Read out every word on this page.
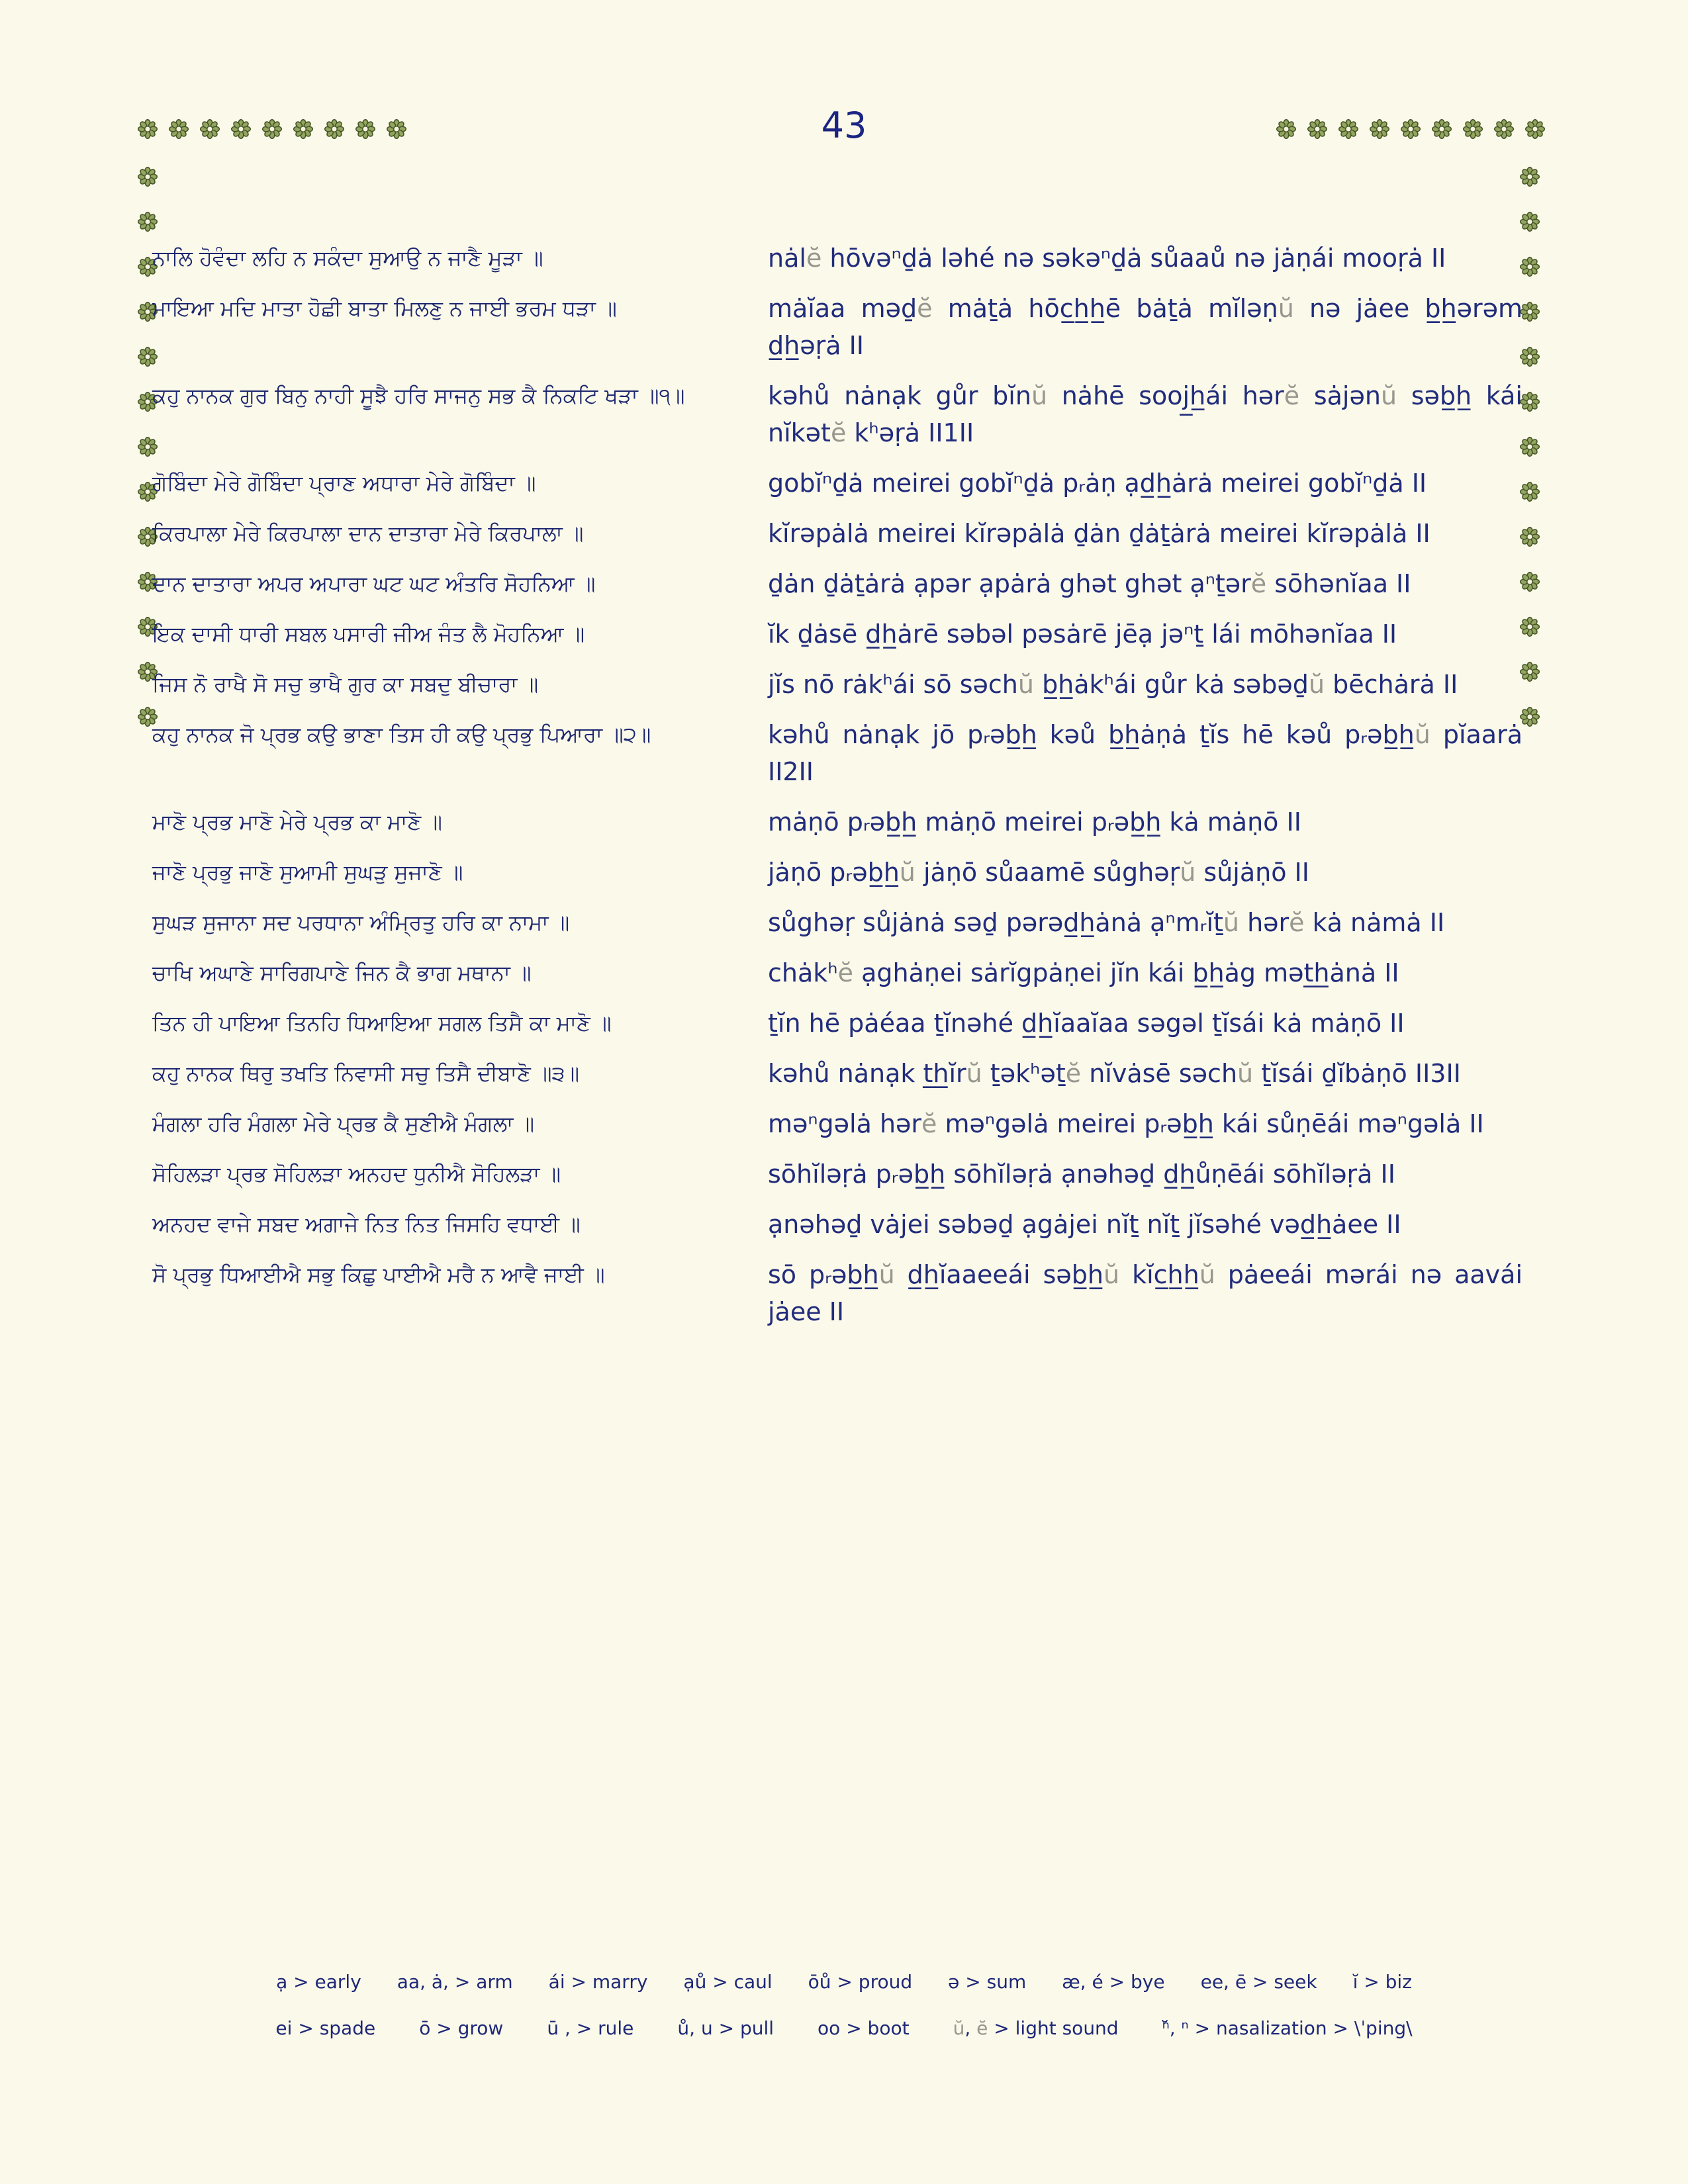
43
ਨਾਲਿ ਹੋਵੰਦਾ ਲਹਿ ਨ ਸਕੰਦਾ ਸੁਆਉ ਨ ਜਾਣੈ ਮੂੜਾ ॥	nȧlĕ hōvəⁿḏȧ ləhé nə səkəⁿḏȧ sůaaů nə jȧṇái mooṛȧ II
ਮਾਇਆ ਮਦਿ ਮਾਤਾ ਹੋਛੀ ਬਾਤਾ ਮਿਲਣੁ ਨ ਜਾਈ ਭਰਮ ਧੜਾ ॥	mȧĭaa məḏĕ mȧṯȧ hōc̲h̲h̲ē bȧṯȧ mĭləṇŭ nə jȧee b̲h̲ərəm d̲h̲əṛȧ II
ਕਹੁ ਨਾਨਕ ਗੁਰ ਬਿਨੁ ਨਾਹੀ ਸੂਝੈ ਹਰਿ ਸਾਜਨੁ ਸਭ ਕੈ ਨਿਕਟਿ ਖੜਾ ॥੧॥	kəhů nȧnạk gůr bĭnŭ nȧhē sooj̲h̲ái hərĕ sȧjənŭ səb̲h̲ kái nĭkətĕ kʰəṛȧ II1II
ਗੋਬਿੰਦਾ ਮੇਰੇ ਗੋਬਿੰਦਾ ਪ੍ਰਾਣ ਅਧਾਰਾ ਮੇਰੇ ਗੋਬਿੰਦਾ ॥	gobĭⁿḏȧ meirei gobĭⁿḏȧ pᵣȧṇ ạd̲h̲ȧrȧ meirei gobĭⁿḏȧ II
ਕਿਰਪਾਲਾ ਮੇਰੇ ਕਿਰਪਾਲਾ ਦਾਨ ਦਾਤਾਰਾ ਮੇਰੇ ਕਿਰਪਾਲਾ ॥	kĭrəpȧlȧ meirei kĭrəpȧlȧ ḏȧn ḏȧṯȧrȧ meirei kĭrəpȧlȧ II
ਦਾਨ ਦਾਤਾਰਾ ਅਪਰ ਅਪਾਰਾ ਘਟ ਘਟ ਅੰਤਰਿ ਸੋਹਨਿਆ ॥	ḏȧn ḏȧṯȧrȧ ạpər ạpȧrȧ ghət ghət ạⁿṯərĕ sōhənĭaa II
ਇਕ ਦਾਸੀ ਧਾਰੀ ਸਬਲ ਪਸਾਰੀ ਜੀਅ ਜੰਤ ਲੈ ਮੋਹਨਿਆ ॥	ĭk ḏȧsē d̲h̲ȧrē səbəl pəsȧrē jēạ jəⁿṯ lái mōhənĭaa II
ਜਿਸ ਨੋ ਰਾਖੈ ਸੋ ਸਚੁ ਭਾਖੈ ਗੁਰ ਕਾ ਸਬਦੁ ਬੀਚਾਰਾ ॥	jĭs nō rȧkʰái sō səchŭ b̲h̲ȧkʰái gůr kȧ səbəḏŭ bēchȧrȧ II
ਕਹੁ ਨਾਨਕ ਜੋ ਪ੍ਰਭ ਕਉ ਭਾਣਾ ਤਿਸ ਹੀ ਕਉ ਪ੍ਰਭੁ ਪਿਆਰਾ ॥੨॥	kəhů nȧnạk jō pᵣəb̲h̲ kəů b̲h̲ȧṇȧ ṯĭs hē kəů pᵣəb̲h̲ŭ pĭaarȧ II2II
ਮਾਣੋ ਪ੍ਰਭ ਮਾਣੋ ਮੇਰੇ ਪ੍ਰਭ ਕਾ ਮਾਣੋ ॥	mȧṇō pᵣəb̲h̲ mȧṇō meirei pᵣəb̲h̲ kȧ mȧṇō II
ਜਾਣੋ ਪ੍ਰਭੁ ਜਾਣੋ ਸੁਆਮੀ ਸੁਘੜੁ ਸੁਜਾਣੋ ॥	jȧṇō pᵣəb̲h̲ŭ jȧṇō sůaamē sůghəṛŭ sůjȧṇō II
ਸੁਘੜ ਸੁਜਾਨਾ ਸਦ ਪਰਧਾਨਾ ਅੰਮ੍ਰਿਤੁ ਹਰਿ ਕਾ ਨਾਮਾ ॥	sůghəṛ sůjȧnȧ səḏ pərəd̲h̲ȧnȧ ạⁿmᵣĭṯŭ hərĕ kȧ nȧmȧ II
ਚਾਖਿ ਅਘਾਣੇ ਸਾਰਿਗਪਾਣੇ ਜਿਨ ਕੈ ਭਾਗ ਮਥਾਨਾ ॥	chȧkʰĕ ạghȧṇei sȧrĭgpȧṇei jĭn kái b̲h̲ȧg mət̲h̲ȧnȧ II
ਤਿਨ ਹੀ ਪਾਇਆ ਤਿਨਹਿ ਧਿਆਇਆ ਸਗਲ ਤਿਸੈ ਕਾ ਮਾਣੋ ॥	ṯĭn hē pȧéaa ṯĭnəhé d̲h̲ĭaaĭaa səgəl ṯĭsái kȧ mȧṇō II
ਕਹੁ ਨਾਨਕ ਥਿਰੁ ਤਖਤਿ ਨਿਵਾਸੀ ਸਚੁ ਤਿਸੈ ਦੀਬਾਣੋ ॥੩॥	kəhů nȧnạk t̲h̲ĭrŭ ṯəkʰəṯĕ nĭvȧsē səchŭ ṯĭsái ḏĭbȧṇō II3II
ਮੰਗਲਾ ਹਰਿ ਮੰਗਲਾ ਮੇਰੇ ਪ੍ਰਭ ਕੈ ਸੁਣੀਐ ਮੰਗਲਾ ॥	məⁿgəlȧ hərĕ məⁿgəlȧ meirei pᵣəb̲h̲ kái sůṇēái məⁿgəlȧ II
ਸੋਹਿਲੜਾ ਪ੍ਰਭ ਸੋਹਿਲੜਾ ਅਨਹਦ ਧੁਨੀਐ ਸੋਹਿਲੜਾ ॥	sōhĭləṛȧ pᵣəb̲h̲ sōhĭləṛȧ ạnəhəḏ d̲h̲ůṇēái sōhĭləṛȧ II
ਅਨਹਦ ਵਾਜੇ ਸਬਦ ਅਗਾਜੇ ਨਿਤ ਨਿਤ ਜਿਸਹਿ ਵਧਾਈ ॥	ạnəhəḏ vȧjei səbəḏ ạgȧjei nĭṯ nĭṯ jĭsəhé vəd̲h̲ȧee II
ਸੋ ਪ੍ਰਭੁ ਧਿਆਈਐ ਸਭੁ ਕਿਛੁ ਪਾਈਐ ਮਰੈ ਨ ਆਵੈ ਜਾਈ ॥	sō pᵣəb̲h̲ŭ d̲h̲ĭaaeeái səb̲h̲ŭ kĭc̲h̲h̲ŭ pȧeeái mərái nə aavái jȧee II
ạ > early aa, ȧ, > arm ái > marry ạů > caul ōů > proud ə > sum æ, é > bye ee, ē > seek ĭ > biz
ei > spade ō > grow ū , > rule ů, u > pull oo > boot ŭ, ĕ > light sound ⁿ̆, ⁿ > nasalization > \ˈping\
